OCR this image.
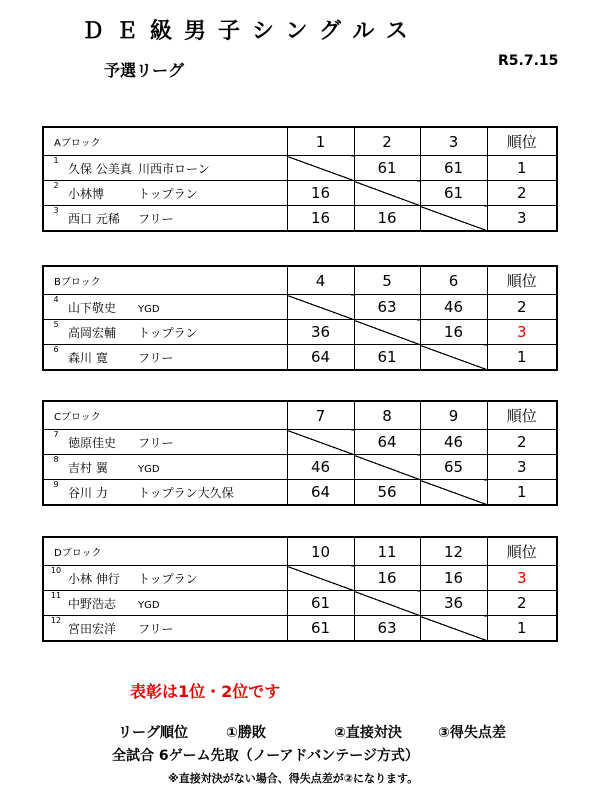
ＤＥ級男子シングルス
予選リーグ	R5.7.15
Aブロック	1	2	3	順位
1久保 公美真 川西市ローン		61	61	1
2小林博 トップラン	16		61	2
3西口 元稀 フリー	16	16		3
Bブロック	4	5	6	順位
4山下敬史 YGD		63	46	2
5高岡宏輔 トップラン	36		16	3
6森川 寛 フリー	64	61		1
Cブロック	7	8	9	順位
7徳原佳史 フリー		64	46	2
8吉村 翼 YGD	46		65	3
9谷川 力 トップラン大久保	64	56		1
Dブロック	10	11	12	順位
10小林 伸行 トップラン		16	16	3
11中野浩志 YGD	61		36	2
12宮田宏洋 フリー	61	63		1
表彰は1位・2位です
リーグ順位	①勝敗	②直接対決	③得失点差
全試合 6ゲーム先取（ノーアドバンテージ方式）
※直接対決がない場合、得失点差が②になります。
